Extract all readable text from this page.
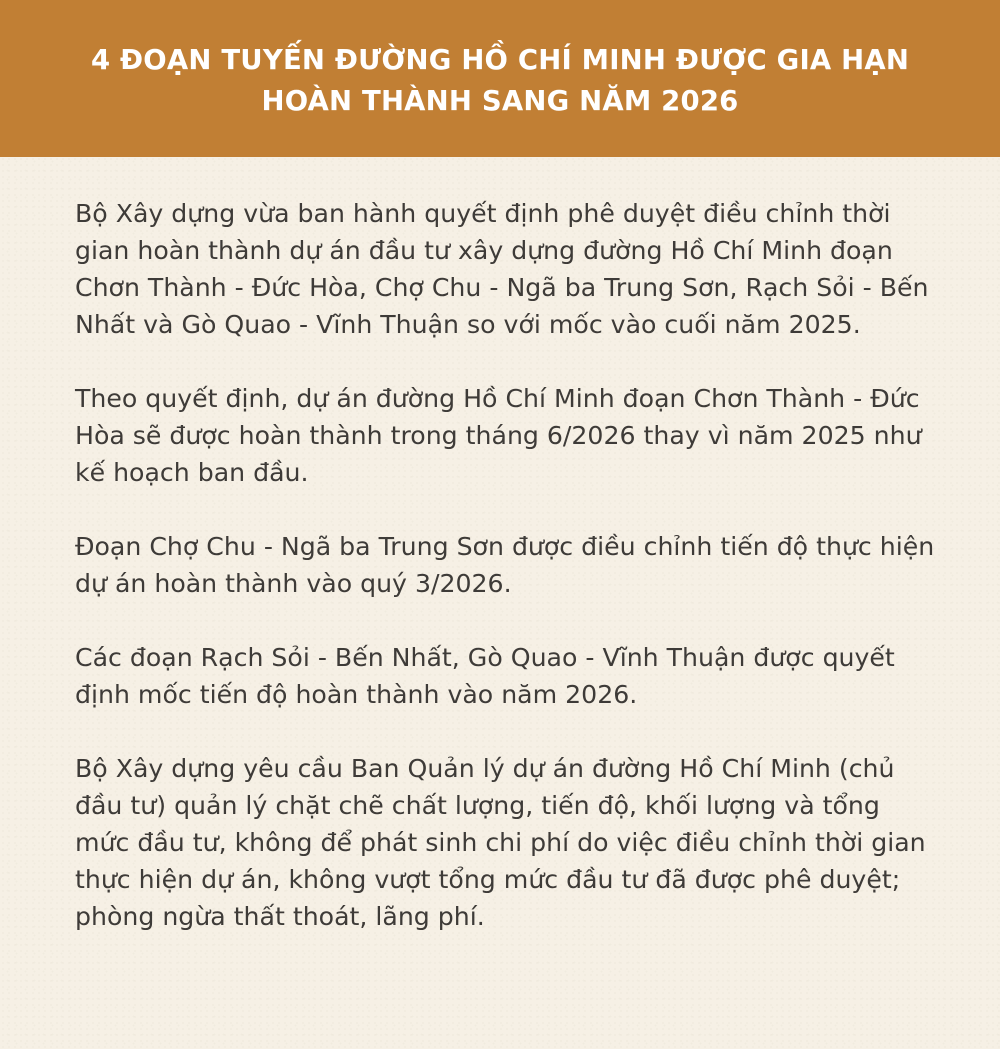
4 ĐOẠN TUYẾN ĐƯỜNG HỒ CHÍ MINH ĐƯỢC GIA HẠN
HOÀN THÀNH SANG NĂM 2026

Bộ Xây dựng vừa ban hành quyết định phê duyệt điều chỉnh thời gian hoàn thành dự án đầu tư xây dựng đường Hồ Chí Minh đoạn Chơn Thành - Đức Hòa, Chợ Chu - Ngã ba Trung Sơn, Rạch Sỏi - Bến Nhất và Gò Quao - Vĩnh Thuận so với mốc vào cuối năm 2025.

Theo quyết định, dự án đường Hồ Chí Minh đoạn Chơn Thành - Đức Hòa sẽ được hoàn thành trong tháng 6/2026 thay vì năm 2025 như kế hoạch ban đầu.

Đoạn Chợ Chu - Ngã ba Trung Sơn được điều chỉnh tiến độ thực hiện dự án hoàn thành vào quý 3/2026.

Các đoạn Rạch Sỏi - Bến Nhất, Gò Quao - Vĩnh Thuận được quyết định mốc tiến độ hoàn thành vào năm 2026.

Bộ Xây dựng yêu cầu Ban Quản lý dự án đường Hồ Chí Minh (chủ đầu tư) quản lý chặt chẽ chất lượng, tiến độ, khối lượng và tổng mức đầu tư, không để phát sinh chi phí do việc điều chỉnh thời gian thực hiện dự án, không vượt tổng mức đầu tư đã được phê duyệt; phòng ngừa thất thoát, lãng phí.
